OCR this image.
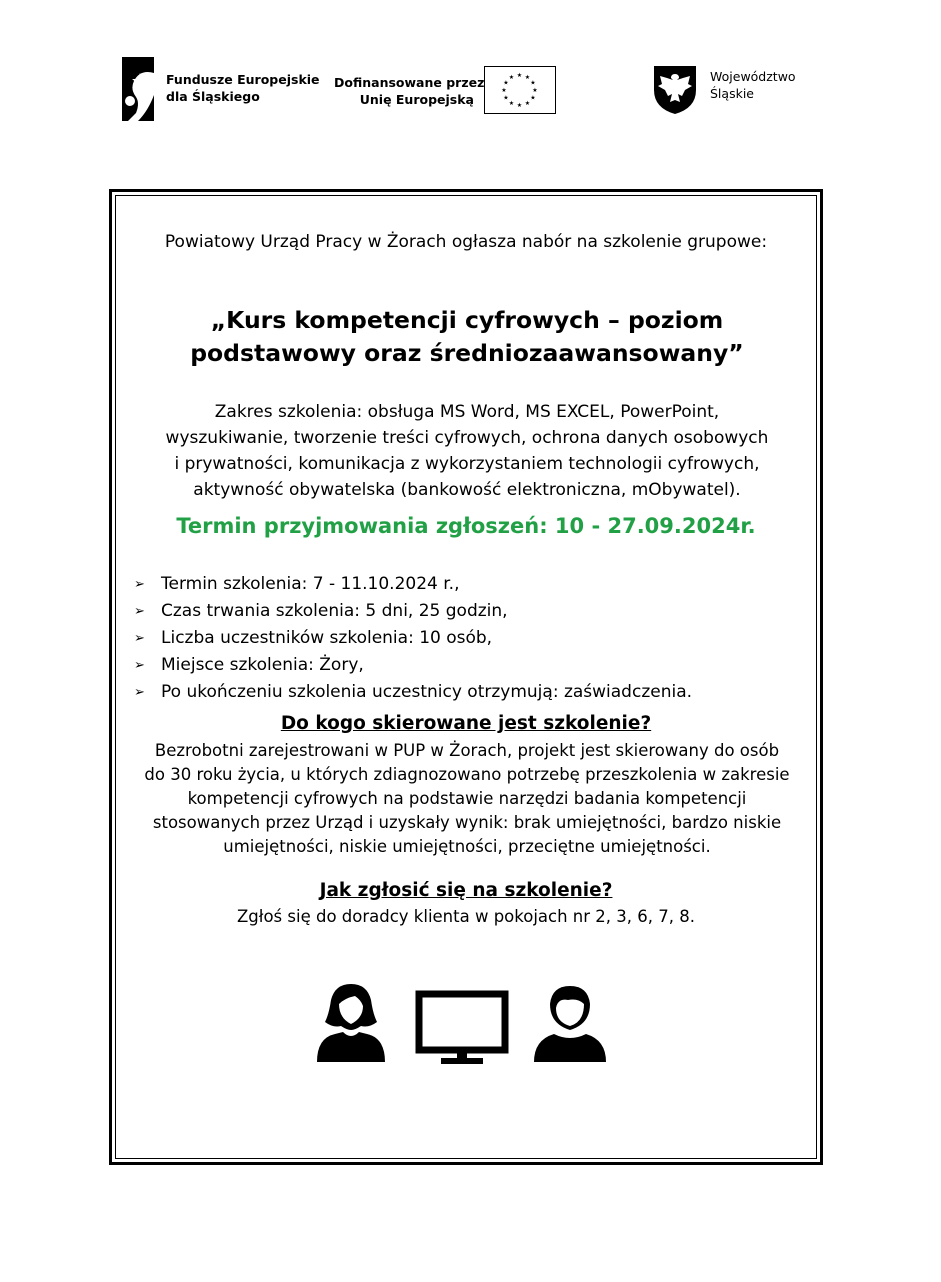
Fundusze Europejskie
dla Śląskiego
Dofinansowane przez
Unię Europejską
★ ★
★
★
★
★
★
★
★
★
★
★	Województwo
Śląskie
Powiatowy Urząd Pracy w Żorach ogłasza nabór na szkolenie grupowe:
„Kurs kompetencji cyfrowych – poziom
podstawowy oraz średniozaawansowany”
Zakres szkolenia: obsługa MS Word, MS EXCEL, PowerPoint,
wyszukiwanie, tworzenie treści cyfrowych, ochrona danych osobowych
i prywatności, komunikacja z wykorzystaniem technologii cyfrowych,
aktywność obywatelska (bankowość elektroniczna, mObywatel).
Termin przyjmowania zgłoszeń: 10 - 27.09.2024r.
➢ Termin szkolenia: 7 - 11.10.2024 r.,
➢ Czas trwania szkolenia: 5 dni, 25 godzin,
➢ Liczba uczestników szkolenia: 10 osób,
➢ Miejsce szkolenia: Żory,
➢ Po ukończeniu szkolenia uczestnicy otrzymują: zaświadczenia.
Do kogo skierowane jest szkolenie?
Bezrobotni zarejestrowani w PUP w Żorach, projekt jest skierowany do osób
do 30 roku życia, u których zdiagnozowano potrzebę przeszkolenia w zakresie
kompetencji cyfrowych na podstawie narzędzi badania kompetencji
stosowanych przez Urząd i uzyskały wynik: brak umiejętności, bardzo niskie
umiejętności, niskie umiejętności, przeciętne umiejętności.
Jak zgłosić się na szkolenie?
Zgłoś się do doradcy klienta w pokojach nr 2, 3, 6, 7, 8.
